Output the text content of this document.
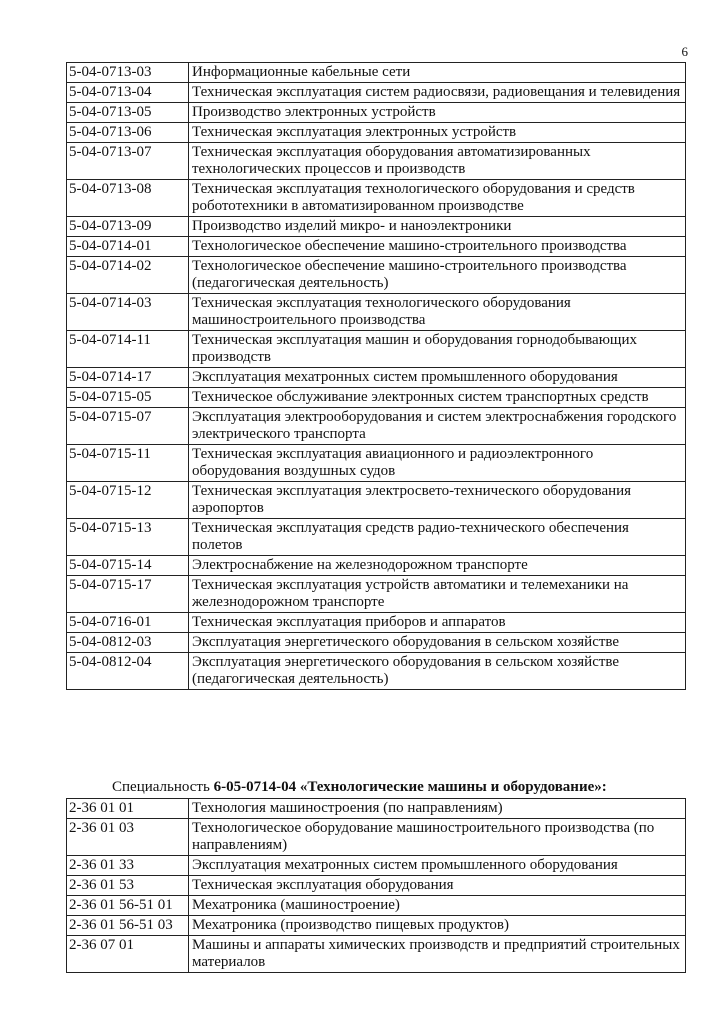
6
5-04-0713-03	Информационные кабельные сети
5-04-0713-04	Техническая эксплуатация систем радиосвязи, радиовещания и телевидения
5-04-0713-05	Производство электронных устройств
5-04-0713-06	Техническая эксплуатация электронных устройств
5-04-0713-07	Техническая эксплуатация оборудования автоматизированных технологических процессов и производств
5-04-0713-08	Техническая эксплуатация технологического оборудования и средств робототехники в автоматизированном производстве
5-04-0713-09	Производство изделий микро- и наноэлектроники
5-04-0714-01	Технологическое обеспечение машино-строительного производства
5-04-0714-02	Технологическое обеспечение машино-строительного производства (педагогическая деятельность)
5-04-0714-03	Техническая эксплуатация технологического оборудования машиностроительного производства
5-04-0714-11	Техническая эксплуатация машин и оборудования горнодобывающих производств
5-04-0714-17	Эксплуатация мехатронных систем промышленного оборудования
5-04-0715-05	Техническое обслуживание электронных систем транспортных средств
5-04-0715-07	Эксплуатация электрооборудования и систем электроснабжения городского электрического транспорта
5-04-0715-11	Техническая эксплуатация авиационного и радиоэлектронного оборудования воздушных судов
5-04-0715-12	Техническая эксплуатация электросвето-технического оборудования аэропортов
5-04-0715-13	Техническая эксплуатация средств радио-технического обеспечения полетов
5-04-0715-14	Электроснабжение на железнодорожном транспорте
5-04-0715-17	Техническая эксплуатация устройств автоматики и телемеханики на железнодорожном транспорте
5-04-0716-01	Техническая эксплуатация приборов и аппаратов
5-04-0812-03	Эксплуатация энергетического оборудования в сельском хозяйстве
5-04-0812-04	Эксплуатация энергетического оборудования в сельском хозяйстве (педагогическая деятельность)
Специальность 6-05-0714-04 «Технологические машины и оборудование»:
2-36 01 01	Технология машиностроения (по направлениям)
2-36 01 03	Технологическое оборудование машиностроительного производства (по направлениям)
2-36 01 33	Эксплуатация мехатронных систем промышленного оборудования
2-36 01 53	Техническая эксплуатация оборудования
2-36 01 56-51 01	Мехатроника (машиностроение)
2-36 01 56-51 03	Мехатроника (производство пищевых продуктов)
2-36 07 01	Машины и аппараты химических производств и предприятий строительных материалов
